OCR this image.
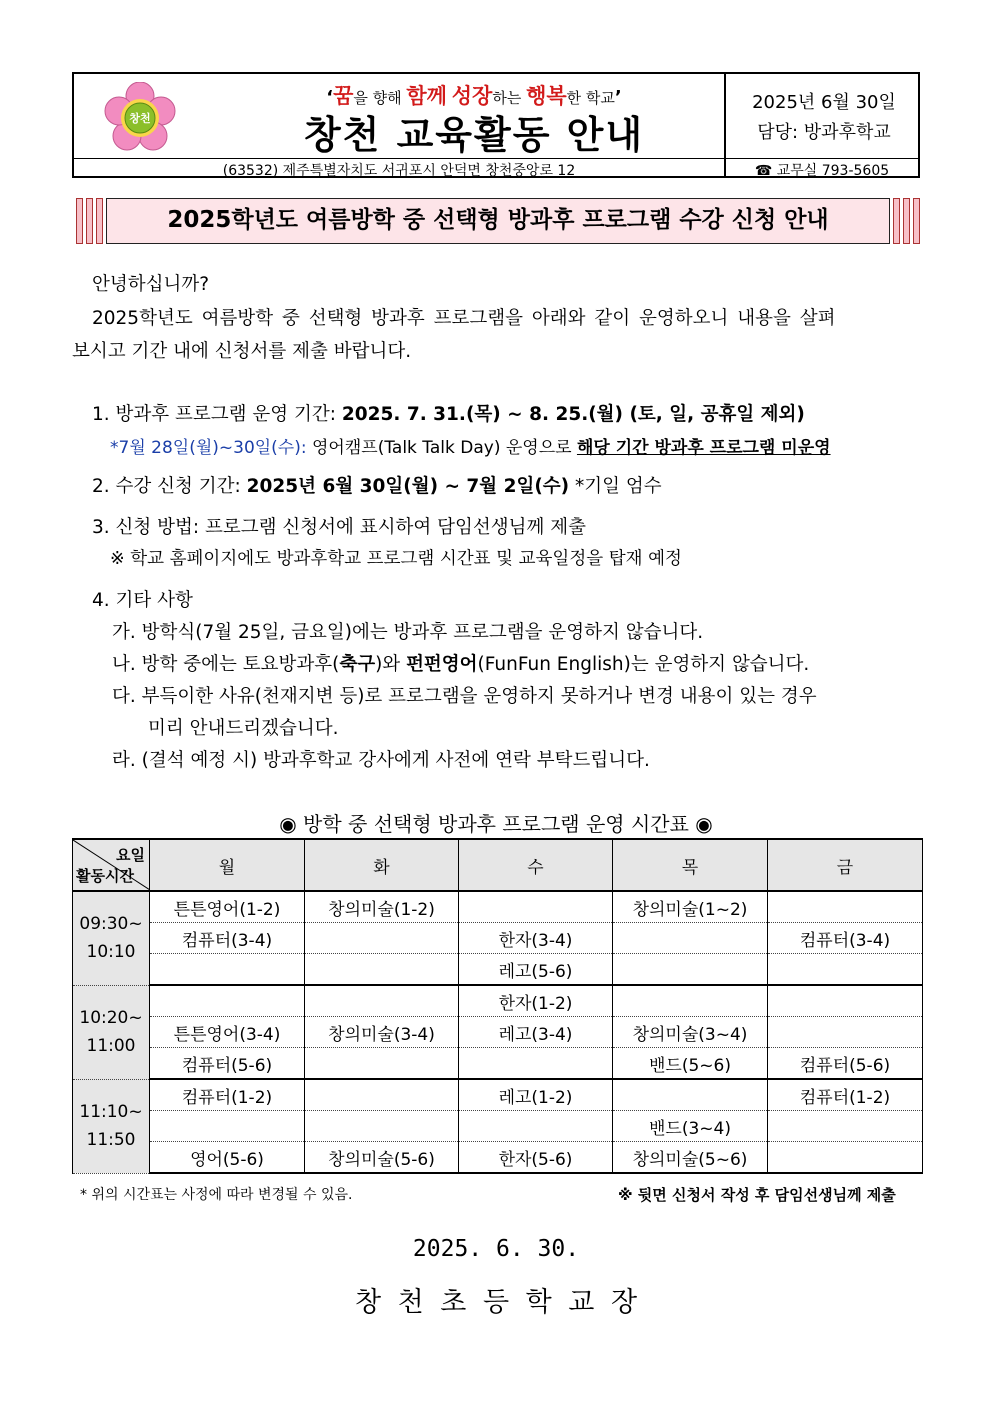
창천
‘꿈을 향해 함께 성장하는 행복한 학교’
창천 교육활동 안내
2025년 6월 30일
담당: 방과후학교
(63532) 제주특별자치도 서귀포시 안덕면 창천중앙로 12	☎ 교무실 793-5605
2025학년도 여름방학 중 선택형 방과후 프로그램 수강 신청 안내
안녕하십니까?
2025학년도 여름방학 중 선택형 방과후 프로그램을 아래와 같이 운영하오니 내용을 살펴
보시고 기간 내에 신청서를 제출 바랍니다.
1. 방과후 프로그램 운영 기간: 2025. 7. 31.(목) ~ 8. 25.(월) (토, 일, 공휴일 제외)
*7월 28일(월)~30일(수): 영어캠프(Talk Talk Day) 운영으로 해당 기간 방과후 프로그램 미운영
2. 수강 신청 기간: 2025년 6월 30일(월) ~ 7월 2일(수) *기일 엄수
3. 신청 방법: 프로그램 신청서에 표시하여 담임선생님께 제출
※ 학교 홈페이지에도 방과후학교 프로그램 시간표 및 교육일정을 탑재 예정
4. 기타 사항
가. 방학식(7월 25일, 금요일)에는 방과후 프로그램을 운영하지 않습니다.
나. 방학 중에는 토요방과후(축구)와 펀펀영어(FunFun English)는 운영하지 않습니다.
다. 부득이한 사유(천재지변 등)로 프로그램을 운영하지 못하거나 변경 내용이 있는 경우
미리 안내드리겠습니다.
라. (결석 예정 시) 방과후학교 강사에게 사전에 연락 부탁드립니다.
◉ 방학 중 선택형 방과후 프로그램 운영 시간표 ◉
요일
활동시간	월	화	수	목	금

09:30~
10:10	튼튼영어(1-2)	창의미술(1-2)		창의미술(1~2)	
	컴퓨터(3-4)		한자(3-4)		컴퓨터(3-4)
			레고(5-6)		

10:20~
11:00			한자(1-2)		
	튼튼영어(3-4)	창의미술(3-4)	레고(3-4)	창의미술(3~4)	
	컴퓨터(5-6)			밴드(5~6)	컴퓨터(5-6)

11:10~
11:50	컴퓨터(1-2)		레고(1-2)		컴퓨터(1-2)
				밴드(3~4)	
	영어(5-6)	창의미술(5-6)	한자(5-6)	창의미술(5~6)	
* 위의 시간표는 사정에 따라 변경될 수 있음.	※ 뒷면 신청서 작성 후 담임선생님께 제출
2025. 6. 30.
창 천 초 등 학 교 장
